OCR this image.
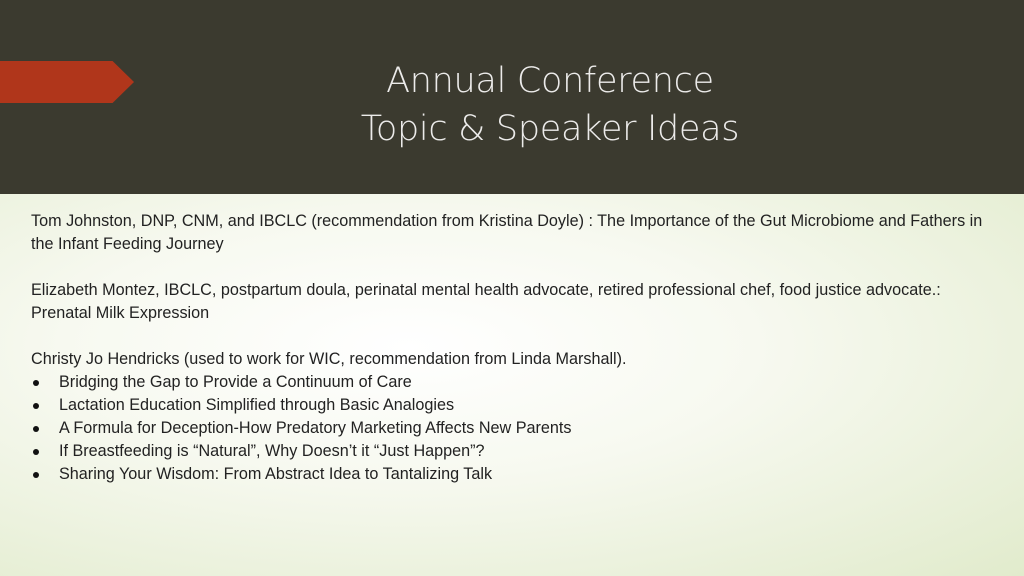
Annual Conference
Topic & Speaker Ideas

Tom Johnston, DNP, CNM, and IBCLC (recommendation from Kristina Doyle) : The Importance of the Gut Microbiome and Fathers in the Infant Feeding Journey

Elizabeth Montez, IBCLC, postpartum doula, perinatal mental health advocate, retired professional chef, food justice advocate.: Prenatal Milk Expression

Christy Jo Hendricks (used to work for WIC, recommendation from Linda Marshall).

Bridging the Gap to Provide a Continuum of Care
Lactation Education Simplified through Basic Analogies
A Formula for Deception-How Predatory Marketing Affects New Parents
If Breastfeeding is “Natural”, Why Doesn’t it “Just Happen”?
Sharing Your Wisdom: From Abstract Idea to Tantalizing Talk
